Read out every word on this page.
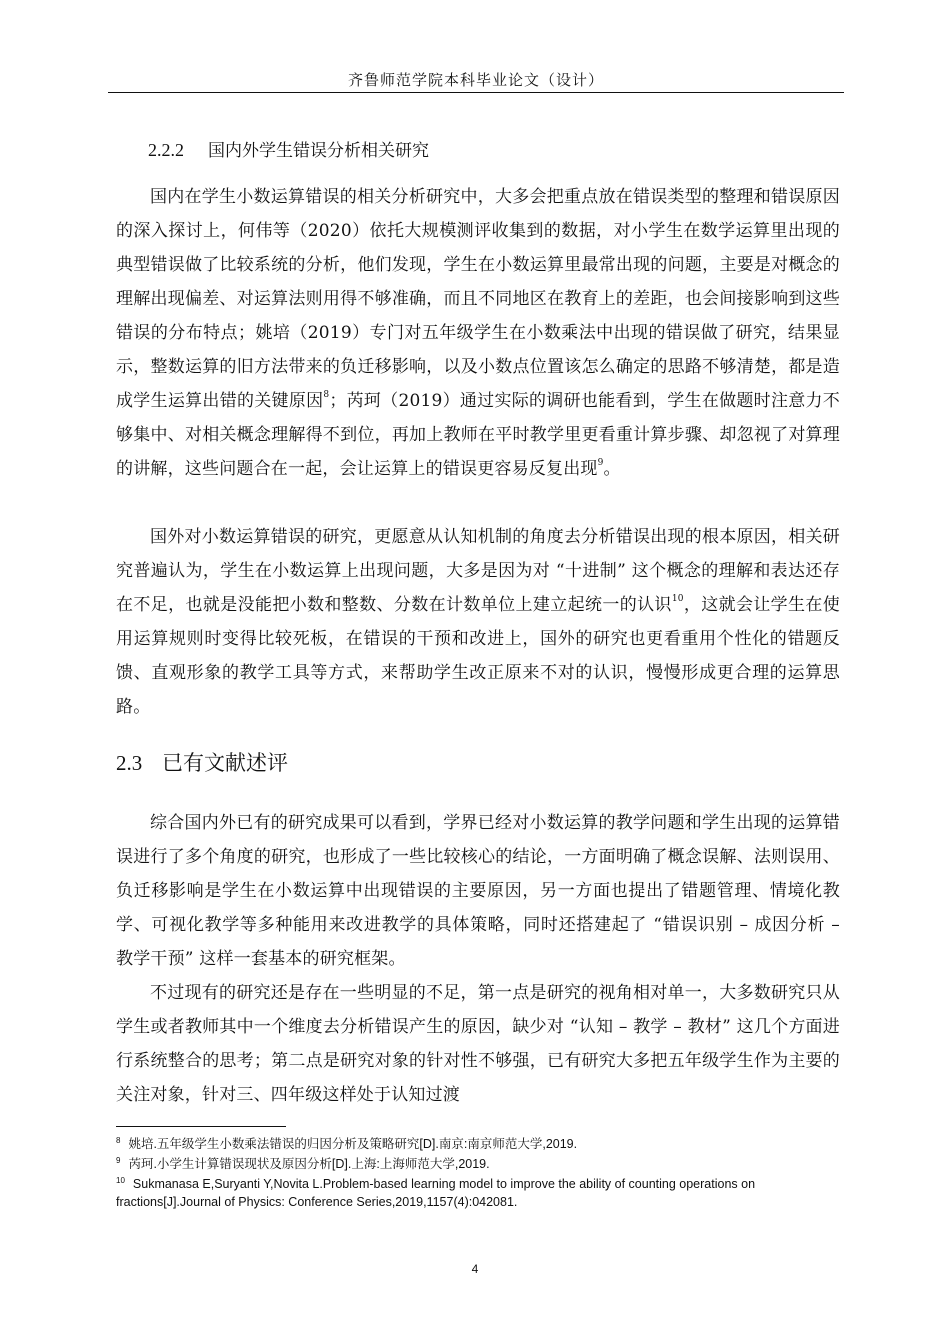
齐鲁师范学院本科毕业论文（设计）
2.2.2 国内外学生错误分析相关研究

国内在学生小数运算错误的相关分析研究中，大多会把重点放在错误类型的整理和错误原因的深入探讨上，何伟等（2020）依托大规模测评收集到的数据，对小学生在数学运算里出现的典型错误做了比较系统的分析，他们发现，学生在小数运算里最常出现的问题，主要是对概念的理解出现偏差、对运算法则用得不够准确，而且不同地区在教育上的差距，也会间接影响到这些错误的分布特点；姚培（2019）专门对五年级学生在小数乘法中出现的错误做了研究，结果显示，整数运算的旧方法带来的负迁移影响，以及小数点位置该怎么确定的思路不够清楚，都是造成学生运算出错的关键原因$^8$；芮珂（2019）通过实际的调研也能看到，学生在做题时注意力不够集中、对相关概念理解得不到位，再加上教师在平时教学里更看重计算步骤、却忽视了对算理的讲解，这些问题合在一起，会让运算上的错误更容易反复出现$^9$。

国外对小数运算错误的研究，更愿意从认知机制的角度去分析错误出现的根本原因，相关研究普遍认为，学生在小数运算上出现问题，大多是因为对 “十进制” 这个概念的理解和表达还存在不足，也就是没能把小数和整数、分数在计数单位上建立起统一的认识$^{10}$，这就会让学生在使用运算规则时变得比较死板，在错误的干预和改进上，国外的研究也更看重用个性化的错题反馈、直观形象的教学工具等方式，来帮助学生改正原来不对的认识，慢慢形成更合理的运算思路。

2.3 已有文献述评

综合国内外已有的研究成果可以看到，学界已经对小数运算的教学问题和学生出现的运算错误进行了多个角度的研究，也形成了一些比较核心的结论，一方面明确了概念误解、法则误用、负迁移影响是学生在小数运算中出现错误的主要原因，另一方面也提出了错题管理、情境化教学、可视化教学等多种能用来改进教学的具体策略，同时还搭建起了 “错误识别 – 成因分析 – 教学干预” 这样一套基本的研究框架。

不过现有的研究还是存在一些明显的不足，第一点是研究的视角相对单一，大多数研究只从学生或者教师其中一个维度去分析错误产生的原因，缺少对 “认知 – 教学 – 教材” 这几个方面进行系统整合的思考；第二点是研究对象的针对性不够强，已有研究大多把五年级学生作为主要的关注对象，针对三、四年级这样处于认知过渡

$^8$ 姚培.五年级学生小数乘法错误的归因分析及策略研究[D].南京:南京师范大学,2019.

$^9$ 芮珂.小学生计算错误现状及原因分析[D].上海:上海师范大学,2019.

$^{10}$ Sukmanasa E,Suryanti Y,Novita L.Problem-based learning model to improve the ability of counting operations on fractions[J].Journal of Physics: Conference Series,2019,1157(4):042081.

4
